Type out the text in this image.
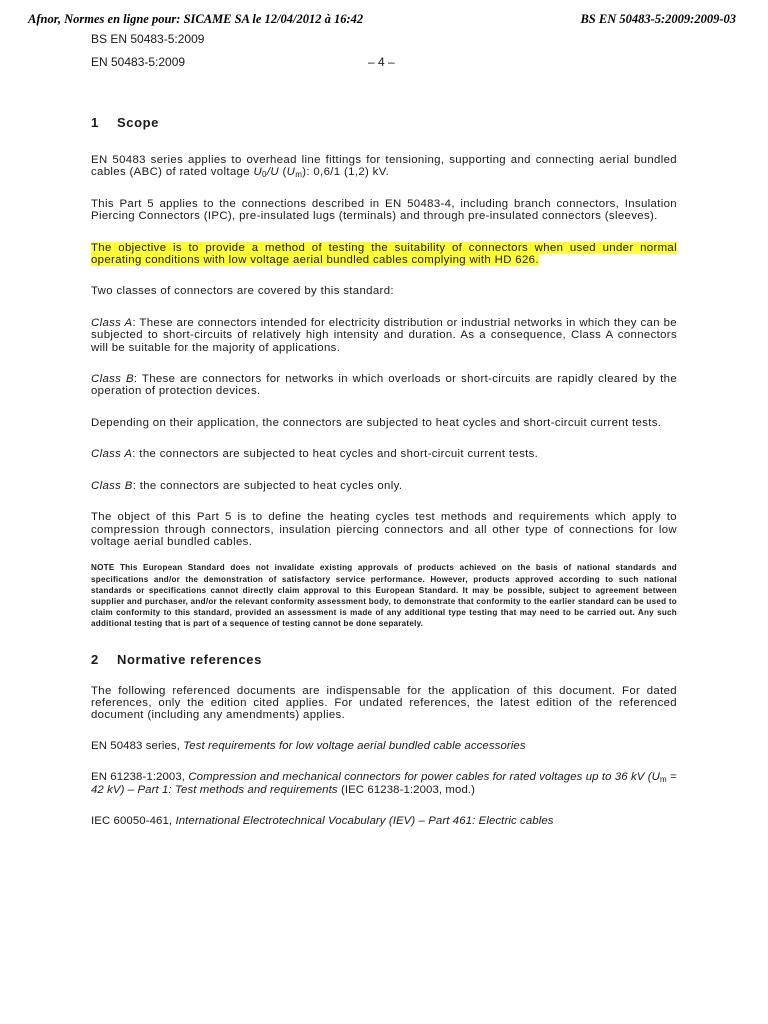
Afnor, Normes en ligne pour: SICAME SA le 12/04/2012 à 16:42	BS EN 50483-5:2009:2009-03
BS EN 50483-5:2009
EN 50483-5:2009	– 4 –
1	Scope

EN 50483 series applies to overhead line fittings for tensioning, supporting and connecting aerial bundled cables (ABC) of rated voltage $U_0/U$ $(U_m)$: 0,6/1 (1,2) kV.

This Part 5 applies to the connections described in EN 50483-4, including branch connectors, Insulation Piercing Connectors (IPC), pre-insulated lugs (terminals) and through pre-insulated connectors (sleeves).

The objective is to provide a method of testing the suitability of connectors when used under normal operating conditions with low voltage aerial bundled cables complying with HD 626.

Two classes of connectors are covered by this standard:

Class A: These are connectors intended for electricity distribution or industrial networks in which they can be subjected to short-circuits of relatively high intensity and duration. As a consequence, Class A connectors will be suitable for the majority of applications.

Class B: These are connectors for networks in which overloads or short-circuits are rapidly cleared by the operation of protection devices.

Depending on their application, the connectors are subjected to heat cycles and short-circuit current tests.

Class A: the connectors are subjected to heat cycles and short-circuit current tests.

Class B: the connectors are subjected to heat cycles only.

The object of this Part 5 is to define the heating cycles test methods and requirements which apply to compression through connectors, insulation piercing connectors and all other type of connections for low voltage aerial bundled cables.

NOTE This European Standard does not invalidate existing approvals of products achieved on the basis of national standards and specifications and/or the demonstration of satisfactory service performance. However, products approved according to such national standards or specifications cannot directly claim approval to this European Standard. It may be possible, subject to agreement between supplier and purchaser, and/or the relevant conformity assessment body, to demonstrate that conformity to the earlier standard can be used to claim conformity to this standard, provided an assessment is made of any additional type testing that may need to be carried out. Any such additional testing that is part of a sequence of testing cannot be done separately.

2	Normative references

The following referenced documents are indispensable for the application of this document. For dated references, only the edition cited applies. For undated references, the latest edition of the referenced document (including any amendments) applies.

EN 50483 series, Test requirements for low voltage aerial bundled cable accessories

EN 61238-1:2003, Compression and mechanical connectors for power cables for rated voltages up to 36 kV ($U_m = 42$ kV) – Part 1: Test methods and requirements (IEC 61238-1:2003, mod.)

IEC 60050-461, International Electrotechnical Vocabulary (IEV) – Part 461: Electric cables
